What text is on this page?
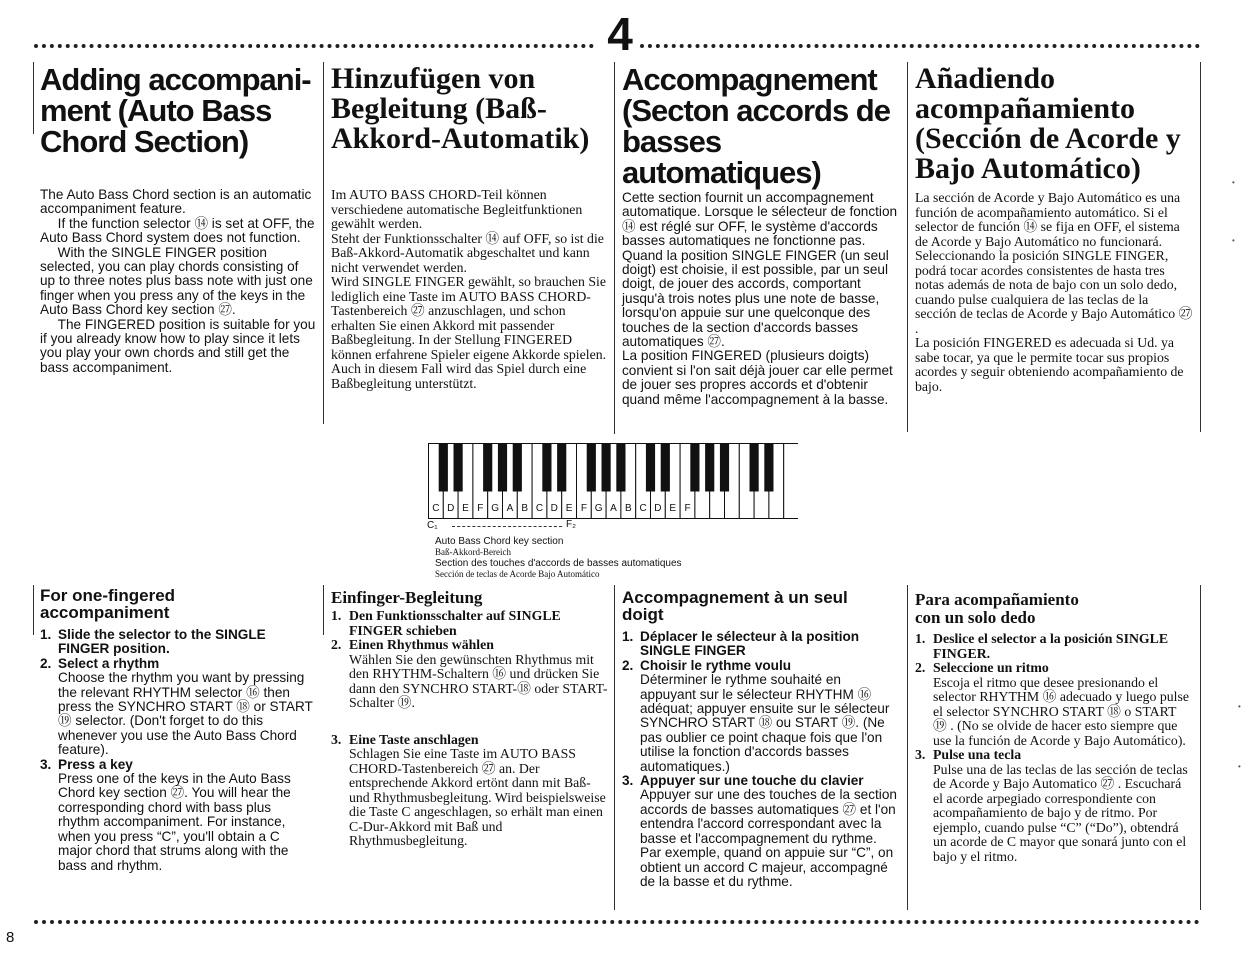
4
Adding accompani-
ment (Auto Bass
Chord Section)
Hinzufügen von
Begleitung (Baß-
Akkord-Automatik)
Accompagnement
(Secton accords de
basses automatiques)
Añadiendo
acompañamiento
(Sección de Acorde y
Bajo Automático)

The Auto Bass Chord section is an automatic accompaniment feature.

If the function selector ⑭ is set at OFF, the Auto Bass Chord system does not function.

With the SINGLE FINGER position selected, you can play chords consisting of up to three notes plus bass note with just one finger when you press any of the keys in the Auto Bass Chord key section ㉗.

The FINGERED position is suitable for you if you already know how to play since it lets you play your own chords and still get the bass accompaniment.

Im AUTO BASS CHORD-Teil können verschiedene automatische Begleitfunktionen gewählt werden.

Steht der Funktionsschalter ⑭ auf OFF, so ist die Baß-Akkord-Automatik abgeschaltet und kann nicht verwendet werden.

Wird SINGLE FINGER gewählt, so brauchen Sie lediglich eine Taste im AUTO BASS CHORD-Tastenbereich ㉗ anzuschlagen, und schon erhalten Sie einen Akkord mit passender Baßbegleitung. In der Stellung FINGERED können erfahrene Spieler eigene Akkorde spielen. Auch in diesem Fall wird das Spiel durch eine Baßbegleitung unterstützt.

Cette section fournit un accompagnement automatique. Lorsque le sélecteur de fonction ⑭ est réglé sur OFF, le système d'accords basses automatiques ne fonctionne pas. Quand la position SINGLE FINGER (un seul doigt) est choisie, il est possible, par un seul doigt, de jouer des accords, comportant jusqu'à trois notes plus une note de basse, lorsqu'on appuie sur une quelconque des touches de la section d'accords basses automatiques ㉗.

La position FINGERED (plusieurs doigts) convient si l'on sait déjà jouer car elle permet de jouer ses propres accords et d'obtenir quand même l'accompagnement à la basse.

La sección de Acorde y Bajo Automático es una función de acompañamiento automático. Si el selector de función ⑭ se fija en OFF, el sistema de Acorde y Bajo Automático no funcionará. Seleccionando la posición SINGLE FINGER, podrá tocar acordes consistentes de hasta tres notas además de nota de bajo con un solo dedo, cuando pulse cualquiera de las teclas de la sección de teclas de Acorde y Bajo Automático ㉗ .

La posición FINGERED es adecuada si Ud. ya sabe tocar, ya que le permite tocar sus propios acordes y seguir obteniendo acompañamiento de bajo.

C D E F G A B C D E F G A B C D E F
C₁	F₂
Auto Bass Chord key section
Baß-Akkord-Bereich
Section des touches d'accords de basses automatiques
Sección de teclas de Acorde Bajo Automático
For one-fingered
accompaniment
1. Slide the selector to the SINGLE FINGER position.
2. Select a rhythm
Choose the rhythm you want by pressing the relevant RHYTHM selector ⑯ then press the SYNCHRO START ⑱ or START ⑲ selector. (Don't forget to do this whenever you use the Auto Bass Chord feature).
3. Press a key
Press one of the keys in the Auto Bass Chord key section ㉗. You will hear the corresponding chord with bass plus rhythm accompaniment. For instance, when you press “C”, you'll obtain a C major chord that strums along with the bass and rhythm.
Einfinger-Begleitung
1. Den Funktionsschalter auf SINGLE FINGER schieben
2. Einen Rhythmus wählen
Wählen Sie den gewünschten Rhythmus mit den RHYTHM-Schaltern ⑯ und drücken Sie dann den SYNCHRO START-⑱ oder START-Schalter ⑲.
3. Eine Taste anschlagen
Schlagen Sie eine Taste im AUTO BASS CHORD-Tastenbereich ㉗ an. Der entsprechende Akkord ertönt dann mit Baß- und Rhythmusbegleitung. Wird beispielsweise die Taste C angeschlagen, so erhält man einen C-Dur-Akkord mit Baß und Rhythmusbegleitung.
Accompagnement à un seul
doigt
1. Déplacer le sélecteur à la position SINGLE FINGER
2. Choisir le rythme voulu
Déterminer le rythme souhaité en appuyant sur le sélecteur RHYTHM ⑯ adéquat; appuyer ensuite sur le sélecteur SYNCHRO START ⑱ ou START ⑲. (Ne pas oublier ce point chaque fois que l'on utilise la fonction d'accords basses automatiques.)
3. Appuyer sur une touche du clavier
Appuyer sur une des touches de la section accords de basses automatiques ㉗ et l'on entendra l'accord correspondant avec la basse et l'accompagnement du rythme. Par exemple, quand on appuie sur “C”, on obtient un accord C majeur, accompagné de la basse et du rythme.
Para acompañamiento
con un solo dedo
1. Deslice el selector a la posición SINGLE FINGER.
2. Seleccione un ritmo
Escoja el ritmo que desee presionando el selector RHYTHM ⑯ adecuado y luego pulse el selector SYNCHRO START ⑱ o START ⑲ . (No se olvide de hacer esto siempre que use la función de Acorde y Bajo Automático).
3. Pulse una tecla
Pulse una de las teclas de las sección de teclas de Acorde y Bajo Automatico ㉗ . Escuchará el acorde arpegiado correspondiente con acompañamiento de bajo y de ritmo. Por ejemplo, cuando pulse “C” (“Do”), obtendrá un acorde de C mayor que sonará junto con el bajo y el ritmo.
8
•
•
•
•
